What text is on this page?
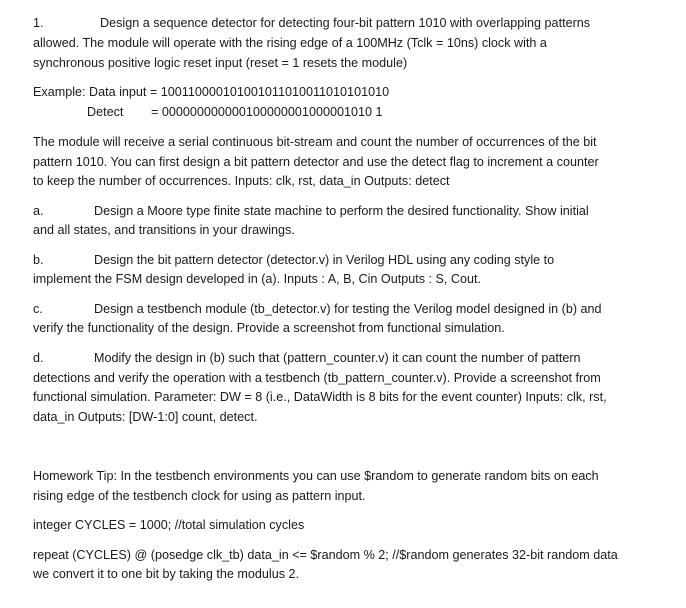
1.	Design a sequence detector for detecting four-bit pattern 1010 with overlapping patterns
allowed. The module will operate with the rising edge of a 100MHz (Tclk = 10ns) clock with a
synchronous positive logic reset input (reset = 1 resets the module)
Example: Data input = 100110000101001011010011010101010
Detect = 000000000000100000001000001010 1
The module will receive a serial continuous bit-stream and count the number of occurrences of the bit
pattern 1010. You can first design a bit pattern detector and use the detect flag to increment a counter
to keep the number of occurrences. Inputs: clk, rst, data_in Outputs: detect
a.	Design a Moore type finite state machine to perform the desired functionality. Show initial
and all states, and transitions in your drawings.
b.	Design the bit pattern detector (detector.v) in Verilog HDL using any coding style to
implement the FSM design developed in (a). Inputs : A, B, Cin Outputs : S, Cout.
c.	Design a testbench module (tb_detector.v) for testing the Verilog model designed in (b) and
verify the functionality of the design. Provide a screenshot from functional simulation.
d.	Modify the design in (b) such that (pattern_counter.v) it can count the number of pattern
detections and verify the operation with a testbench (tb_pattern_counter.v). Provide a screenshot from
functional simulation. Parameter: DW = 8 (i.e., DataWidth is 8 bits for the event counter) Inputs: clk, rst,
data_in Outputs: [DW-1:0] count, detect.
Homework Tip: In the testbench environments you can use $random to generate random bits on each
rising edge of the testbench clock for using as pattern input.
integer CYCLES = 1000; //total simulation cycles
repeat (CYCLES) @ (posedge clk_tb) data_in <= $random % 2; //$random generates 32-bit random data
we convert it to one bit by taking the modulus 2.
